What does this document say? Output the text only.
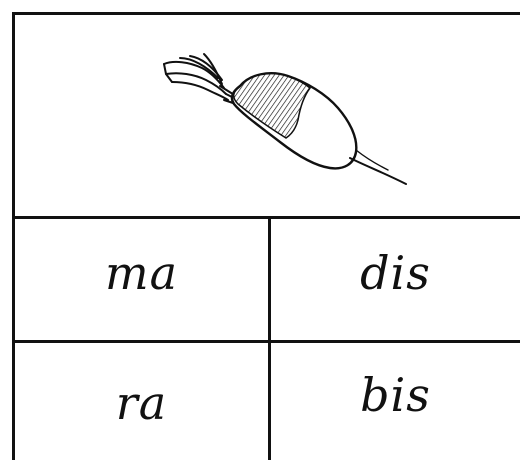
ma	dis
ra	bis
